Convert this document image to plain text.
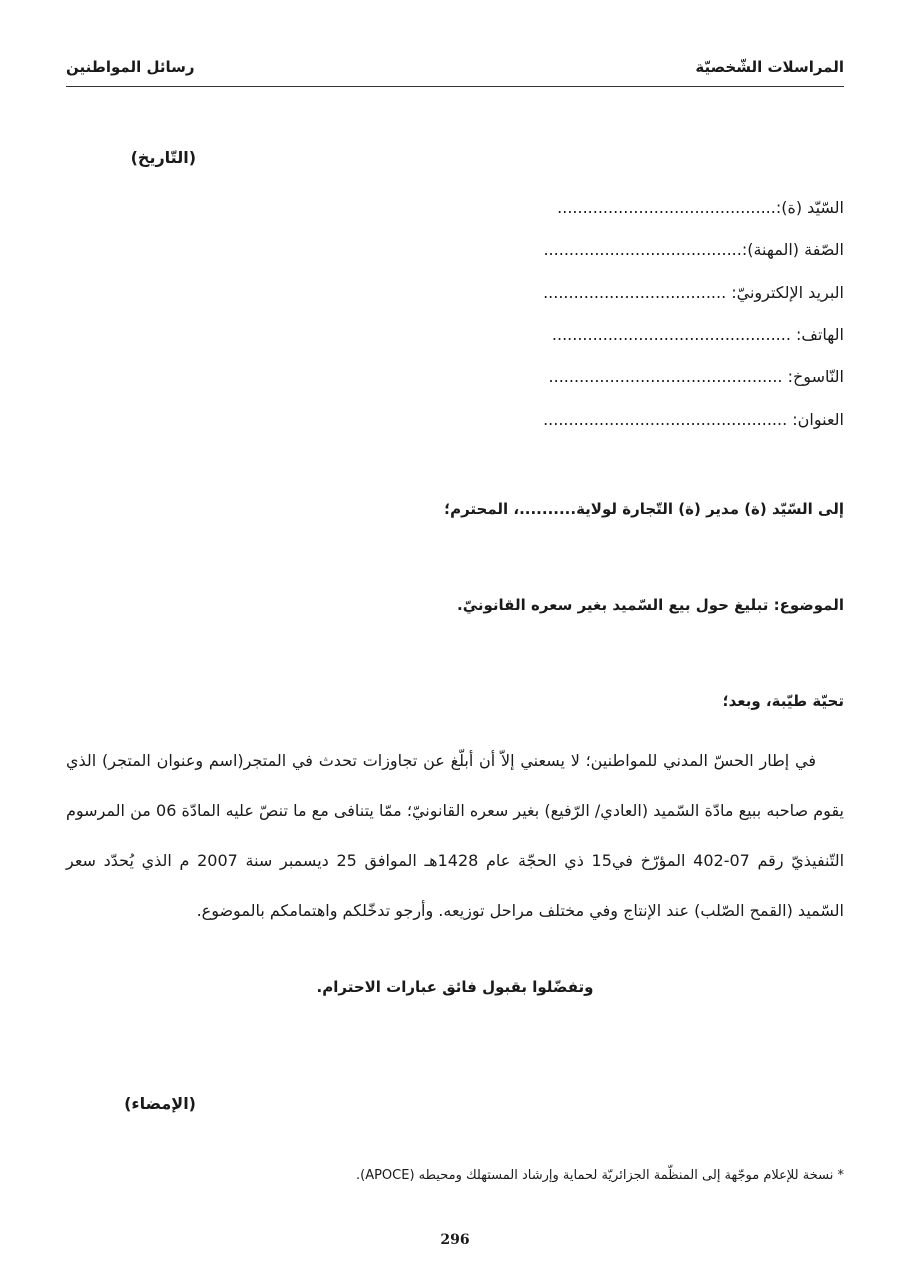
المراسلات الشّخصيّة
رسائل المواطنين
(التّاريخ)
السّيّد (ة):...........................................
الصّفة (المهنة):.......................................
البريد الإلكترونيّ: ....................................
الهاتف: ...............................................
النّاسوخ: ..............................................
العنوان: ................................................
إلى السّيّد (ة) مدير (ة) التّجارة لولاية..........، المحترم؛
الموضوع: تبليغ حول بيع السّميد بغير سعره القانونيّ.
تحيّة طيّبة، وبعد؛
في إطار الحسّ المدني للمواطنين؛ لا يسعني إلاّ أن أبلّغ عن تجاوزات تحدث في المتجر(اسم وعنوان المتجر) الذي يقوم صاحبه ببيع مادّة السّميد (العادي/ الرّفيع) بغير سعره القانونيّ؛ ممّا يتنافى مع ما تنصّ عليه المادّة 06 من المرسوم التّنفيذيّ رقم 07-402 المؤرّخ في15 ذي الحجّة عام 1428هـ الموافق 25 ديسمبر سنة 2007 م الذي يُحدّد سعر السّميد (القمح الصّلب) عند الإنتاج وفي مختلف مراحل توزيعه. وأرجو تدخّلكم واهتمامكم بالموضوع.
وتفضّلوا بقبول فائق عبارات الاحترام.
(الإمضاء)
* نسخة للإعلام موجّهة إلى المنظّمة الجزائريّة لحماية وإرشاد المستهلك ومحيطه (APOCE).
296
